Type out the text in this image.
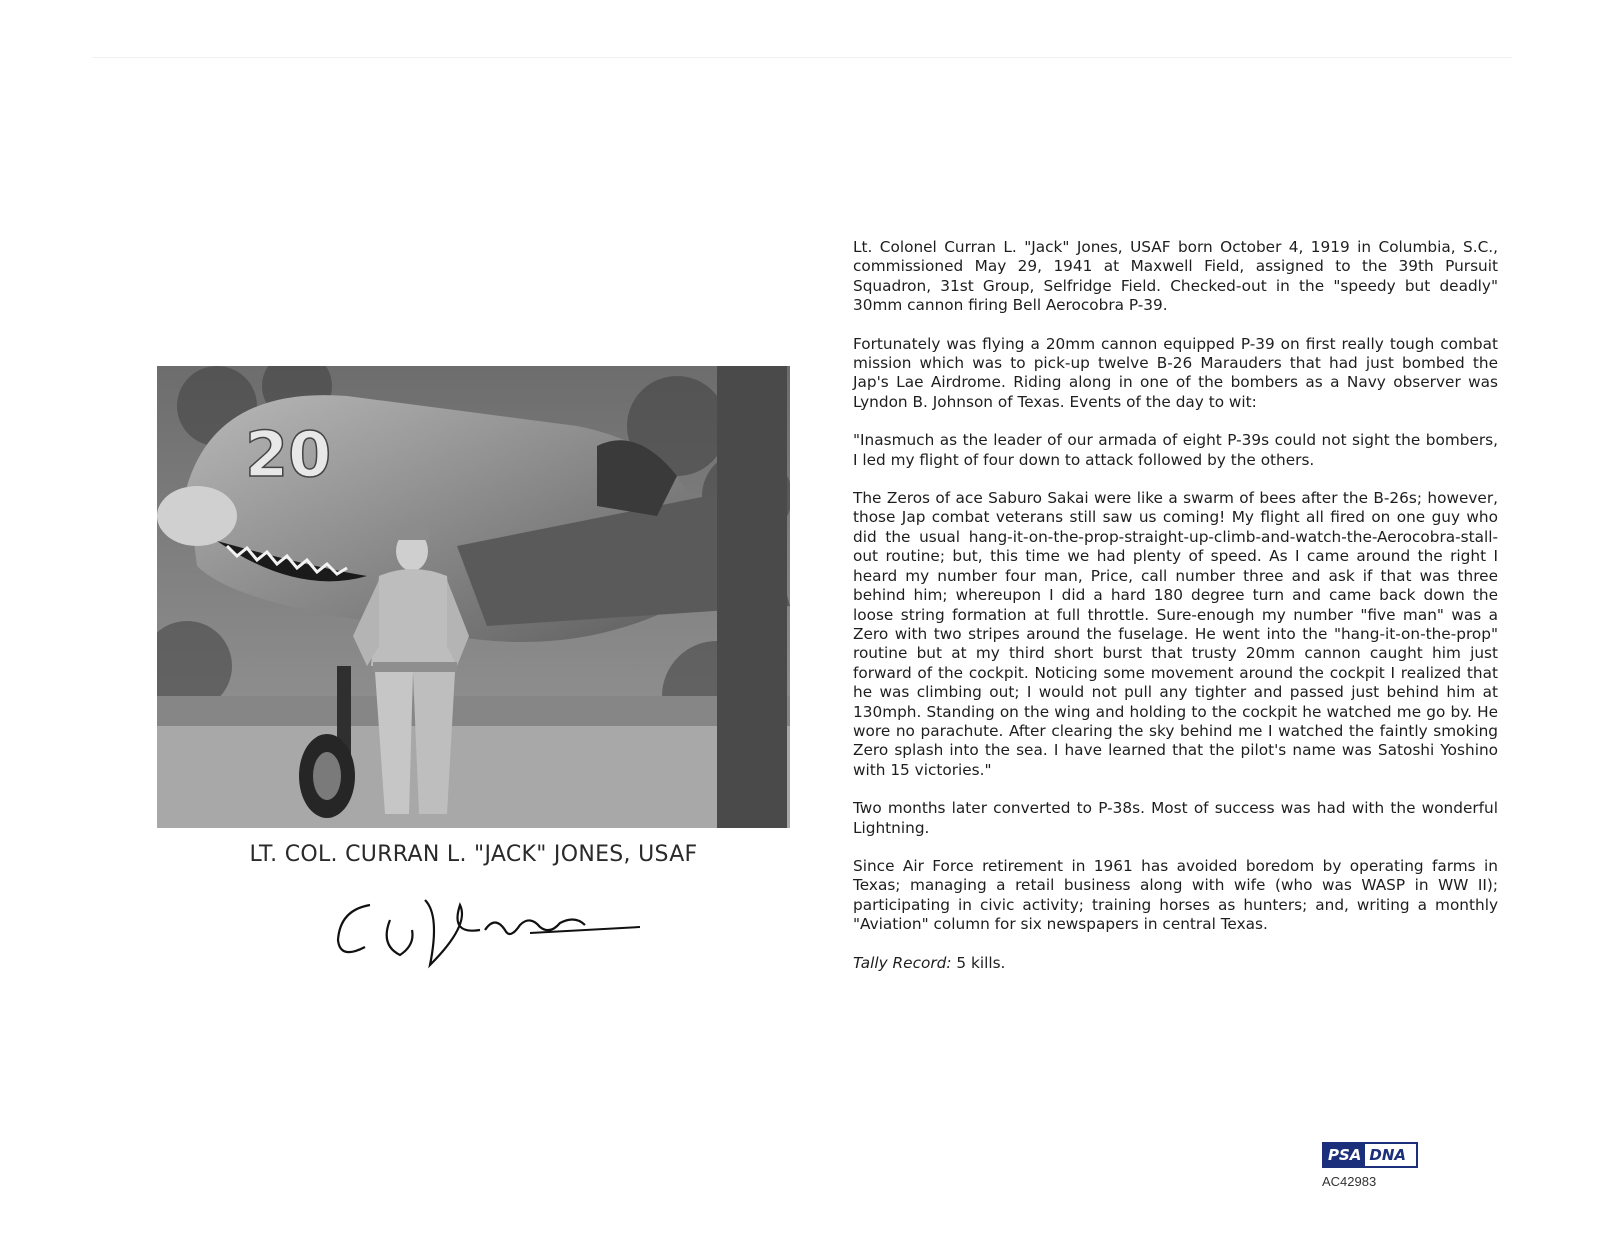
20
LT. COL. CURRAN L. "JACK" JONES, USAF

Lt. Colonel Curran L. "Jack" Jones, USAF born October 4, 1919 in Columbia, S.C., commissioned May 29, 1941 at Maxwell Field, assigned to the 39th Pursuit Squadron, 31st Group, Selfridge Field. Checked-out in the "speedy but deadly" 30mm cannon firing Bell Aerocobra P-39.

Fortunately was flying a 20mm cannon equipped P-39 on first really tough combat mission which was to pick-up twelve B-26 Marauders that had just bombed the Jap's Lae Airdrome. Riding along in one of the bombers as a Navy observer was Lyndon B. Johnson of Texas. Events of the day to wit:

"Inasmuch as the leader of our armada of eight P-39s could not sight the bombers, I led my flight of four down to attack followed by the others.

The Zeros of ace Saburo Sakai were like a swarm of bees after the B-26s; however, those Jap combat veterans still saw us coming! My flight all fired on one guy who did the usual hang-it-on-the-prop-straight-up-climb-and-watch-the-Aerocobra-stall-out routine; but, this time we had plenty of speed. As I came around the right I heard my number four man, Price, call number three and ask if that was three behind him; whereupon I did a hard 180 degree turn and came back down the loose string formation at full throttle. Sure-enough my number "five man" was a Zero with two stripes around the fuselage. He went into the "hang-it-on-the-prop" routine but at my third short burst that trusty 20mm cannon caught him just forward of the cockpit. Noticing some movement around the cockpit I realized that he was climbing out; I would not pull any tighter and passed just behind him at 130mph. Standing on the wing and holding to the cockpit he watched me go by. He wore no parachute. After clearing the sky behind me I watched the faintly smoking Zero splash into the sea. I have learned that the pilot's name was Satoshi Yoshino with 15 victories."

Two months later converted to P-38s. Most of success was had with the wonderful Lightning.

Since Air Force retirement in 1961 has avoided boredom by operating farms in Texas; managing a retail business along with wife (who was WASP in WW II); participating in civic activity; training horses as hunters; and, writing a monthly "Aviation" column for six newspapers in central Texas.

Tally Record: 5 kills.

PSA DNA
AC42983
